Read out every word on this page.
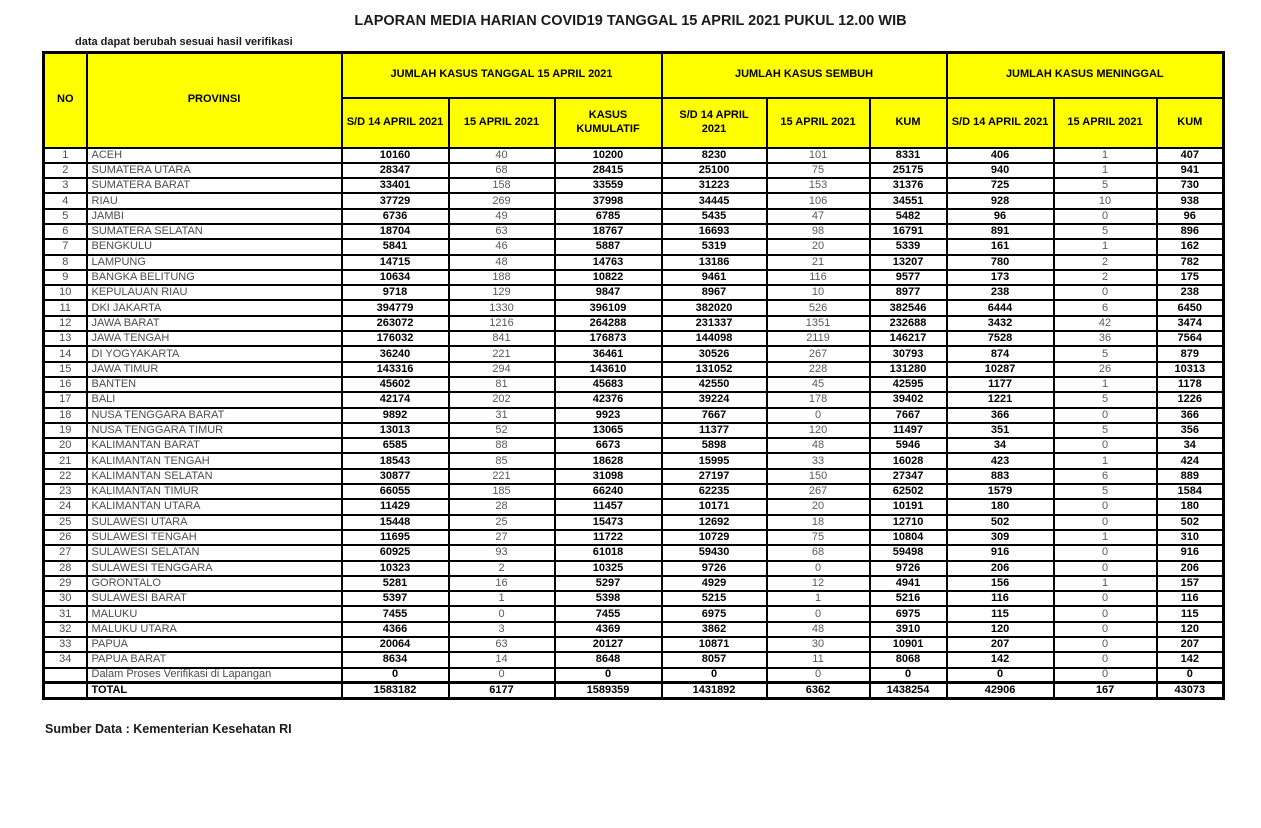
LAPORAN MEDIA HARIAN COVID19 TANGGAL 15 APRIL 2021 PUKUL 12.00 WIB
data dapat berubah sesuai hasil verifikasi
NO	PROVINSI	JUMLAH KASUS TANGGAL 15 APRIL 2021			JUMLAH KASUS SEMBUH			JUMLAH KASUS MENINGGAL		
		S/D 14 APRIL 2021	15 APRIL 2021	KASUS KUMULATIF	S/D 14 APRIL 2021	15 APRIL 2021	KUM	S/D 14 APRIL 2021	15 APRIL 2021	KUM
1	ACEH	10160	40	10200	8230	101	8331	406	1	407
2	SUMATERA UTARA	28347	68	28415	25100	75	25175	940	1	941
3	SUMATERA BARAT	33401	158	33559	31223	153	31376	725	5	730
4	RIAU	37729	269	37998	34445	106	34551	928	10	938
5	JAMBI	6736	49	6785	5435	47	5482	96	0	96
6	SUMATERA SELATAN	18704	63	18767	16693	98	16791	891	5	896
7	BENGKULU	5841	46	5887	5319	20	5339	161	1	162
8	LAMPUNG	14715	48	14763	13186	21	13207	780	2	782
9	BANGKA BELITUNG	10634	188	10822	9461	116	9577	173	2	175
10	KEPULAUAN RIAU	9718	129	9847	8967	10	8977	238	0	238
11	DKI JAKARTA	394779	1330	396109	382020	526	382546	6444	6	6450
12	JAWA BARAT	263072	1216	264288	231337	1351	232688	3432	42	3474
13	JAWA TENGAH	176032	841	176873	144098	2119	146217	7528	36	7564
14	DI YOGYAKARTA	36240	221	36461	30526	267	30793	874	5	879
15	JAWA TIMUR	143316	294	143610	131052	228	131280	10287	26	10313
16	BANTEN	45602	81	45683	42550	45	42595	1177	1	1178
17	BALI	42174	202	42376	39224	178	39402	1221	5	1226
18	NUSA TENGGARA BARAT	9892	31	9923	7667	0	7667	366	0	366
19	NUSA TENGGARA TIMUR	13013	52	13065	11377	120	11497	351	5	356
20	KALIMANTAN BARAT	6585	88	6673	5898	48	5946	34	0	34
21	KALIMANTAN TENGAH	18543	85	18628	15995	33	16028	423	1	424
22	KALIMANTAN SELATAN	30877	221	31098	27197	150	27347	883	6	889
23	KALIMANTAN TIMUR	66055	185	66240	62235	267	62502	1579	5	1584
24	KALIMANTAN UTARA	11429	28	11457	10171	20	10191	180	0	180
25	SULAWESI UTARA	15448	25	15473	12692	18	12710	502	0	502
26	SULAWESI TENGAH	11695	27	11722	10729	75	10804	309	1	310
27	SULAWESI SELATAN	60925	93	61018	59430	68	59498	916	0	916
28	SULAWESI TENGGARA	10323	2	10325	9726	0	9726	206	0	206
29	GORONTALO	5281	16	5297	4929	12	4941	156	1	157
30	SULAWESI BARAT	5397	1	5398	5215	1	5216	116	0	116
31	MALUKU	7455	0	7455	6975	0	6975	115	0	115
32	MALUKU UTARA	4366	3	4369	3862	48	3910	120	0	120
33	PAPUA	20064	63	20127	10871	30	10901	207	0	207
34	PAPUA BARAT	8634	14	8648	8057	11	8068	142	0	142
	Dalam Proses Verifikasi di Lapangan	0	0	0	0	0	0	0	0	0
	TOTAL	1583182	6177	1589359	1431892	6362	1438254	42906	167	43073
Sumber Data : Kementerian Kesehatan RI
